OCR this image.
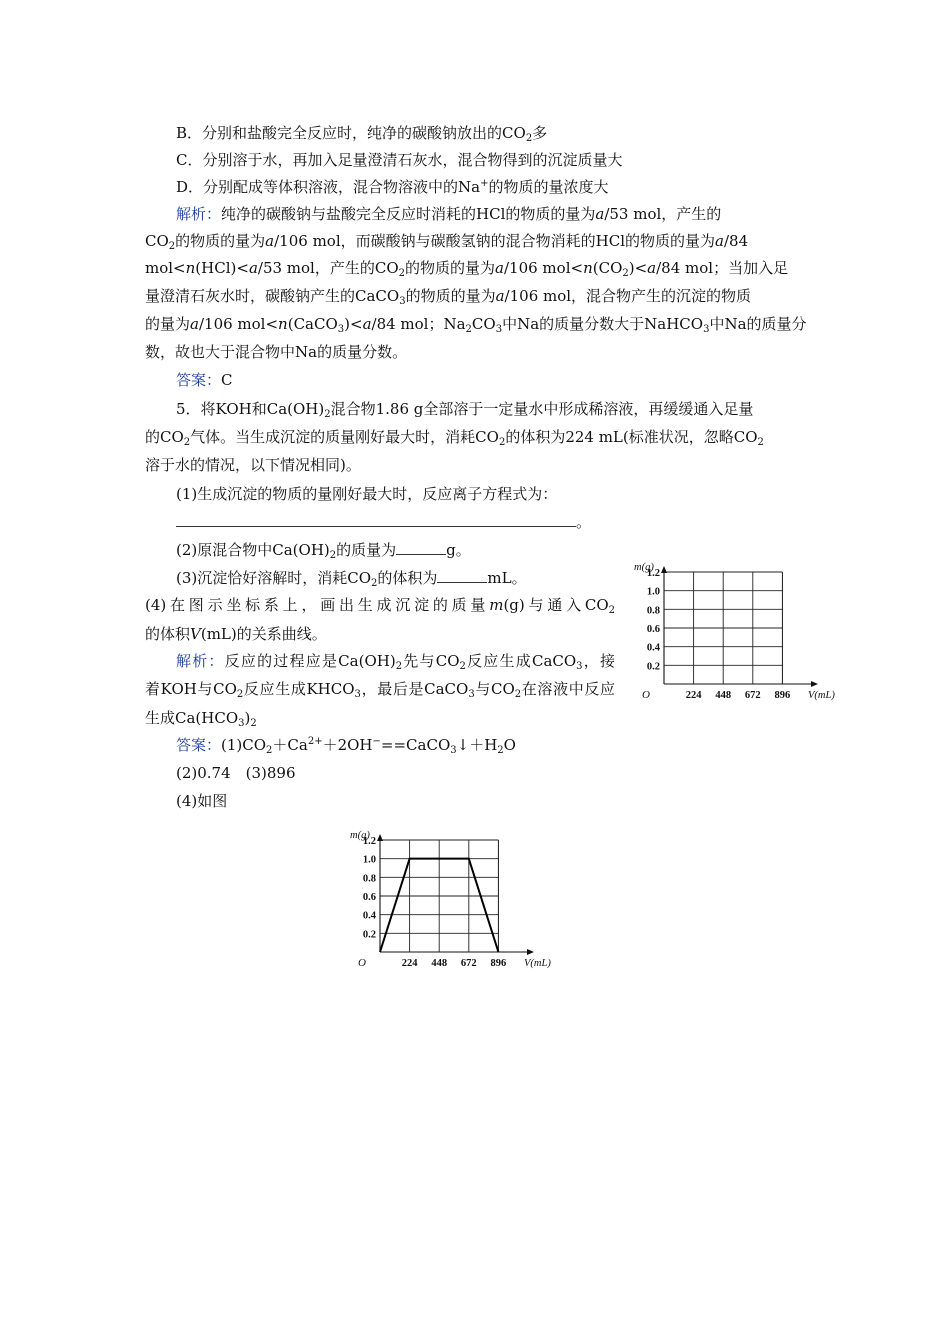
B．分别和盐酸完全反应时，纯净的碳酸钠放出的$CO_2$多
C．分别溶于水，再加入足量澄清石灰水，混合物得到的沉淀质量大
D．分别配成等体积溶液，混合物溶液中的Na+的物质的量浓度大
解析：纯净的碳酸钠与盐酸完全反应时消耗的HCl的物质的量为a/53 mol，产生的
$CO_2$的物质的量为a/106 mol，而碳酸钠与碳酸氢钠的混合物消耗的HCl的物质的量为a/84
mol<n(HCl)<a/53 mol，产生的$CO_2$的物质的量为a/106 $mol<n(CO_2)<a/84$ mol；当加入足
量澄清石灰水时，碳酸钠产生的CaCO$_3$的物质的量为a/106 mol，混合物产生的沉淀的物质
的量为a/106 mol<n(CaCO$_3$)<a/84 mol；$Na_2CO_3$中Na的质量分数大于NaHCO$_3$中Na的质量分
数，故也大于混合物中Na的质量分数。
答案：C
5．将KOH和$Ca(OH)_2$混合物1.86 g全部溶于一定量水中形成稀溶液，再缓缓通入足量
的$CO_2$气体。当生成沉淀的质量刚好最大时，消耗$CO_2$的体积为224 mL(标准状况，忽略$CO_2$
溶于水的情况，以下情况相同)。
(1)生成沉淀的物质的量刚好最大时，反应离子方程式为：
。
(2)原混合物中$Ca(OH)_2$的质量为	g。
(3)沉淀恰好溶解时，消耗$CO_2$的体积为	mL。
(4)在图示坐标系上，画出生成沉淀的质量m(g)与通入$CO_2$
的体积V(mL)的关系曲线。
解析：反应的过程应是$Ca(OH)_2$先与$CO_2$反应生成CaCO$_3$，接
着KOH与$CO_2$反应生成$KHCO_3$，最后是CaCO$_3$与$CO_2$在溶液中反应
生成$Ca(HCO_3)_2$
答案：$(1)CO_2+Ca^{2+}+2OH^-==CaCO_3↓+H_2O$
(2)0.74　(3)896
(4)如图
m(g)
V(mL)
O
0.2
0.4
0.6
0.8
1.0
1.2
224 448 672 896
m(g)
V(mL)
O
0.2
0.4
0.6
0.8
1.0
1.2
224 448 672 896
